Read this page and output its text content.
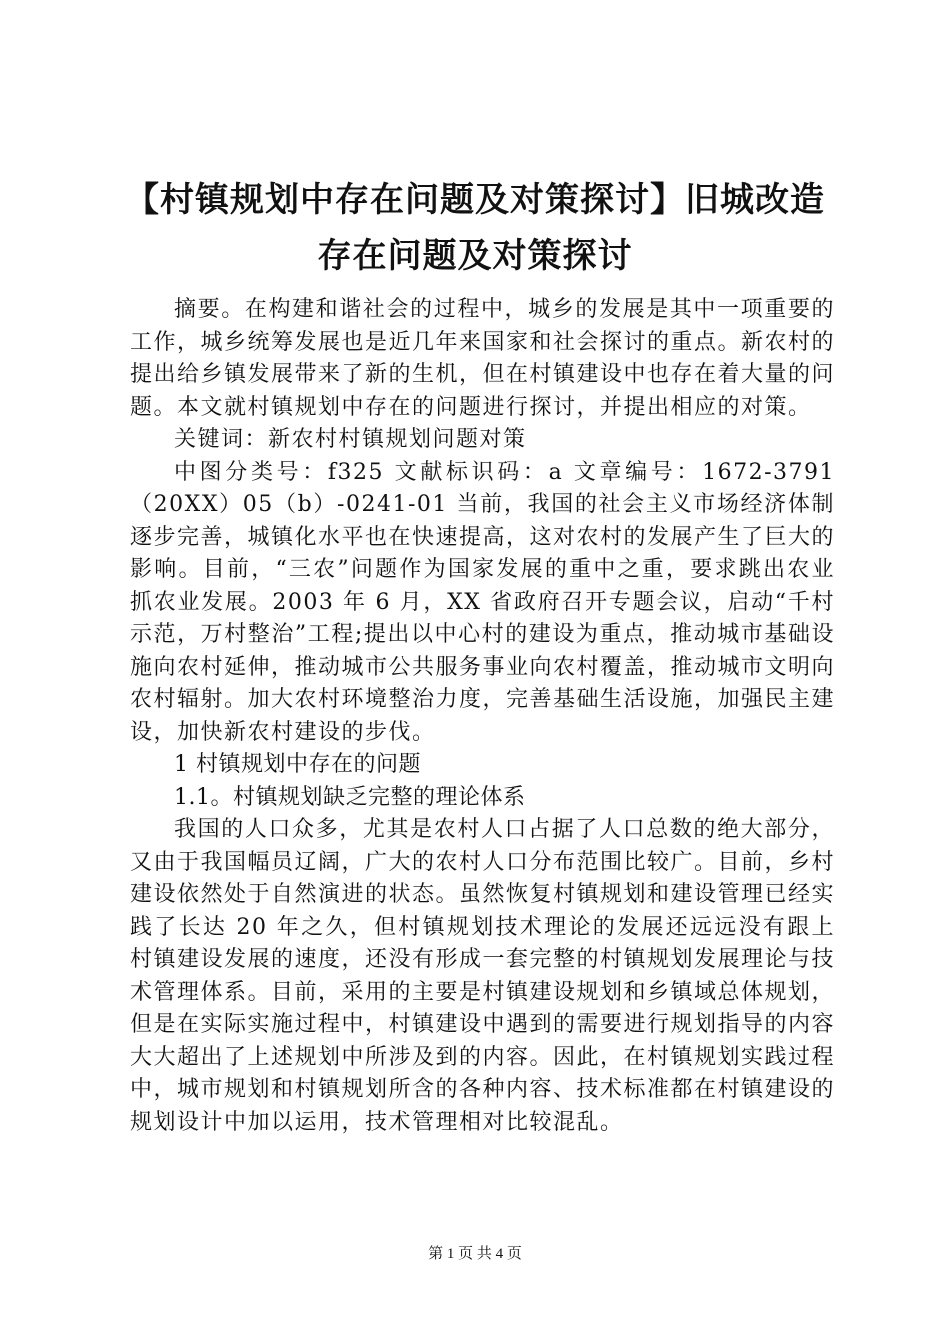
【村镇规划中存在问题及对策探讨】旧城改造存在问题及对策探讨

摘要。在构建和谐社会的过程中，城乡的发展是其中一项重要的工作，城乡统筹发展也是近几年来国家和社会探讨的重点。新农村的提出给乡镇发展带来了新的生机，但在村镇建设中也存在着大量的问题。本文就村镇规划中存在的问题进行探讨，并提出相应的对策。

关键词：新农村村镇规划问题对策

中图分类号：f325 文献标识码：a 文章编号：1672-3791（20XX）05（b）-0241-01 当前，我国的社会主义市场经济体制逐步完善，城镇化水平也在快速提高，这对农村的发展产生了巨大的影响。目前，“三农”问题作为国家发展的重中之重，要求跳出农业抓农业发展。2003 年 6 月，XX 省政府召开专题会议，启动“千村示范，万村整治”工程;提出以中心村的建设为重点，推动城市基础设施向农村延伸，推动城市公共服务事业向农村覆盖，推动城市文明向农村辐射。加大农村环境整治力度，完善基础生活设施，加强民主建设，加快新农村建设的步伐。

1 村镇规划中存在的问题

1.1。村镇规划缺乏完整的理论体系

我国的人口众多，尤其是农村人口占据了人口总数的绝大部分，又由于我国幅员辽阔，广大的农村人口分布范围比较广。目前，乡村建设依然处于自然演进的状态。虽然恢复村镇规划和建设管理已经实践了长达 20 年之久，但村镇规划技术理论的发展还远远没有跟上村镇建设发展的速度，还没有形成一套完整的村镇规划发展理论与技术管理体系。目前，采用的主要是村镇建设规划和乡镇域总体规划，但是在实际实施过程中，村镇建设中遇到的需要进行规划指导的内容大大超出了上述规划中所涉及到的内容。因此，在村镇规划实践过程中，城市规划和村镇规划所含的各种内容、技术标准都在村镇建设的规划设计中加以运用，技术管理相对比较混乱。

第 1 页 共 4 页
